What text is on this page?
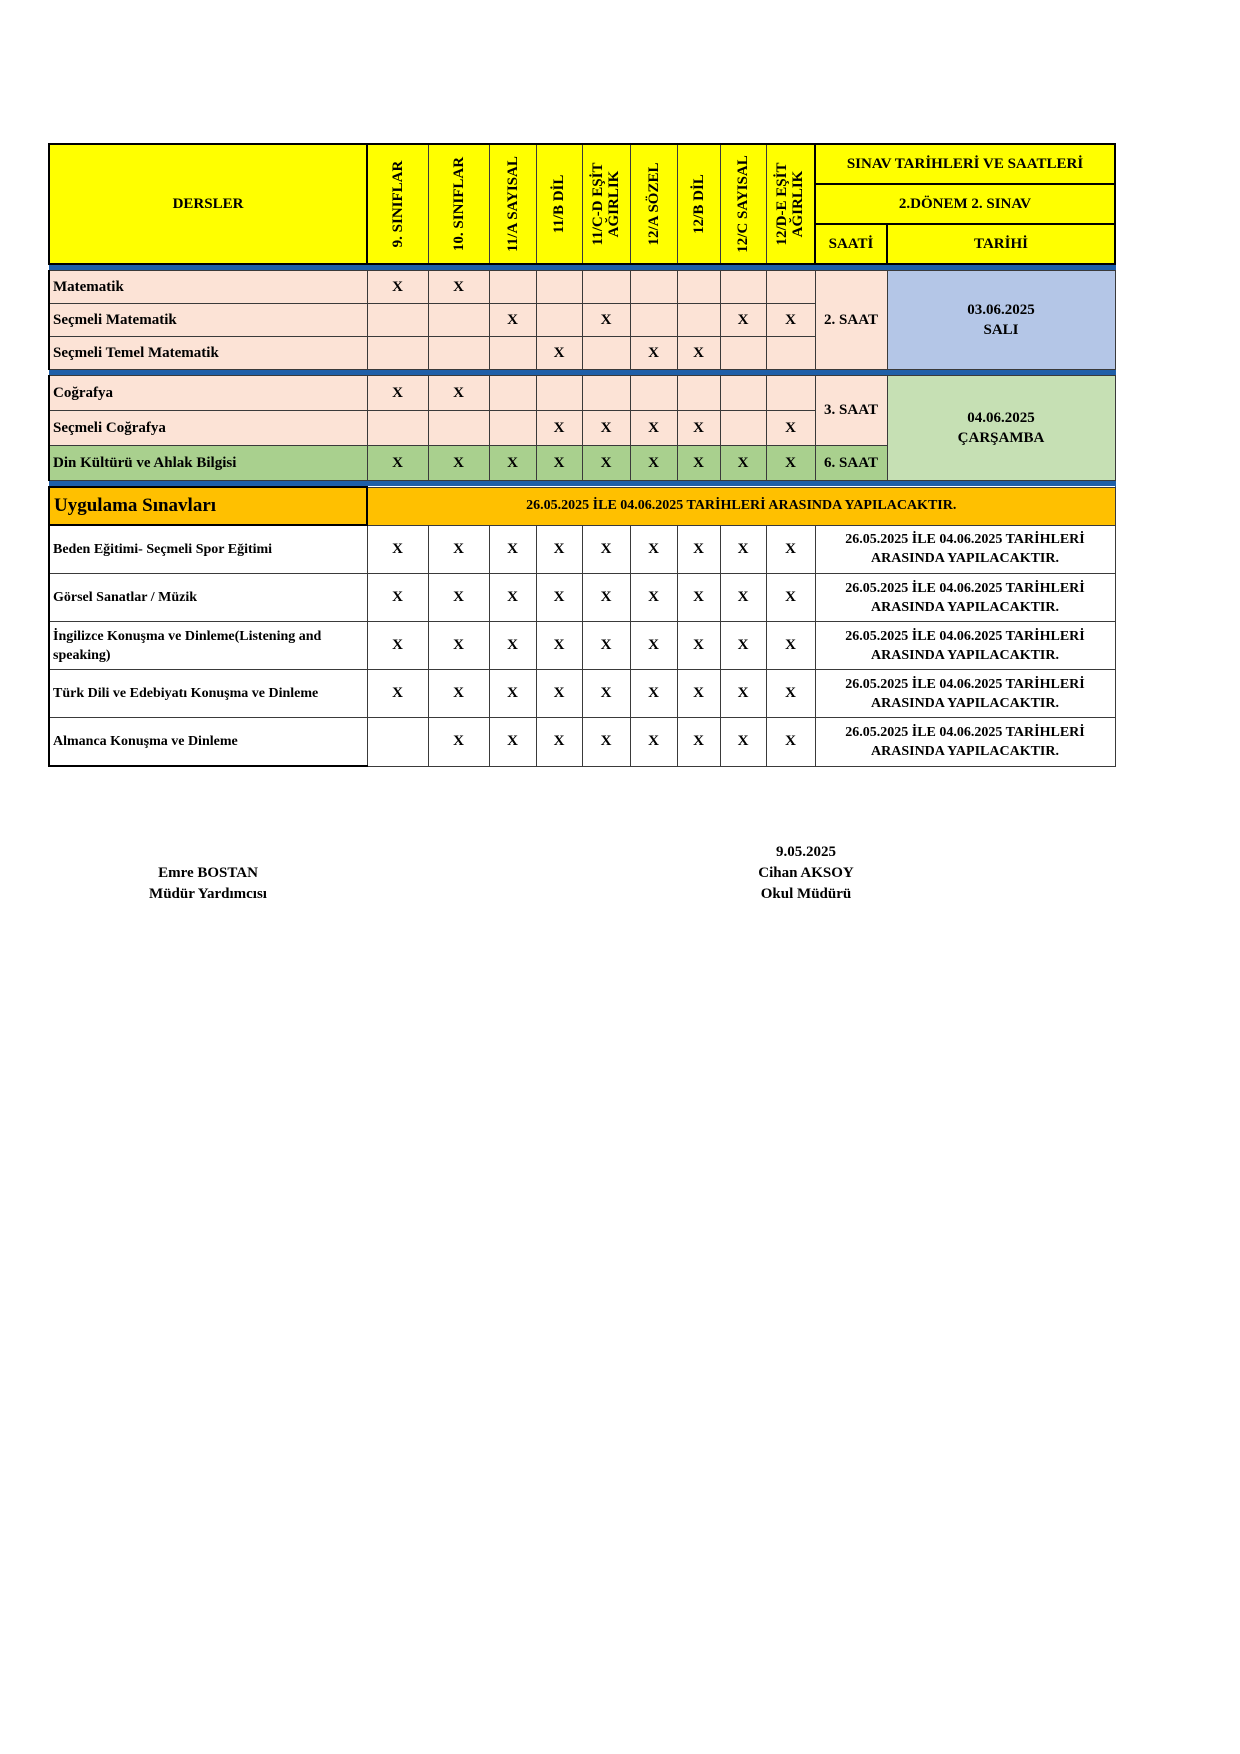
DERSLER	9. SINIFLAR	10. SINIFLAR	11/A SAYISAL	11/B DİL	11/C-D EŞİT
AĞIRLIK	12/A SÖZEL	12/B DİL	12/C SAYISAL	12/D-E EŞİT
AĞIRLIK	SINAV TARİHLERİ VE SAATLERİ	
										2.DÖNEM 2. SINAV	
										SAATİ	TARİHİ

Matematik	X	X								2. SAAT	03.06.2025
SALI

Seçmeli Matematik			X		X			X	X		
Seçmeli Temel Matematik				X		X	X				

Coğrafya	X	X								3. SAAT	04.06.2025
ÇARŞAMBA

Seçmeli Coğrafya				X	X	X	X		X		
Din Kültürü ve Ahlak Bilgisi	X	X	X	X	X	X	X	X	X	6. SAAT	

Uygulama Sınavları	26.05.2025 İLE 04.06.2025 TARİHLERİ ARASINDA YAPILACAKTIR.										
Beden Eğitimi- Seçmeli Spor Eğitimi	X	X	X	X	X	X	X	X	X	26.05.2025 İLE 04.06.2025 TARİHLERİ ARASINDA YAPILACAKTIR.	
Görsel Sanatlar / Müzik	X	X	X	X	X	X	X	X	X	26.05.2025 İLE 04.06.2025 TARİHLERİ ARASINDA YAPILACAKTIR.	
İngilizce Konuşma ve Dinleme(Listening and speaking)	X	X	X	X	X	X	X	X	X	26.05.2025 İLE 04.06.2025 TARİHLERİ ARASINDA YAPILACAKTIR.	
Türk Dili ve Edebiyatı Konuşma ve Dinleme	X	X	X	X	X	X	X	X	X	26.05.2025 İLE 04.06.2025 TARİHLERİ ARASINDA YAPILACAKTIR.	
Almanca Konuşma ve Dinleme		X	X	X	X	X	X	X	X	26.05.2025 İLE 04.06.2025 TARİHLERİ ARASINDA YAPILACAKTIR.	
Emre BOSTAN
Müdür Yardımcısı
9.05.2025
Cihan AKSOY
Okul Müdürü
